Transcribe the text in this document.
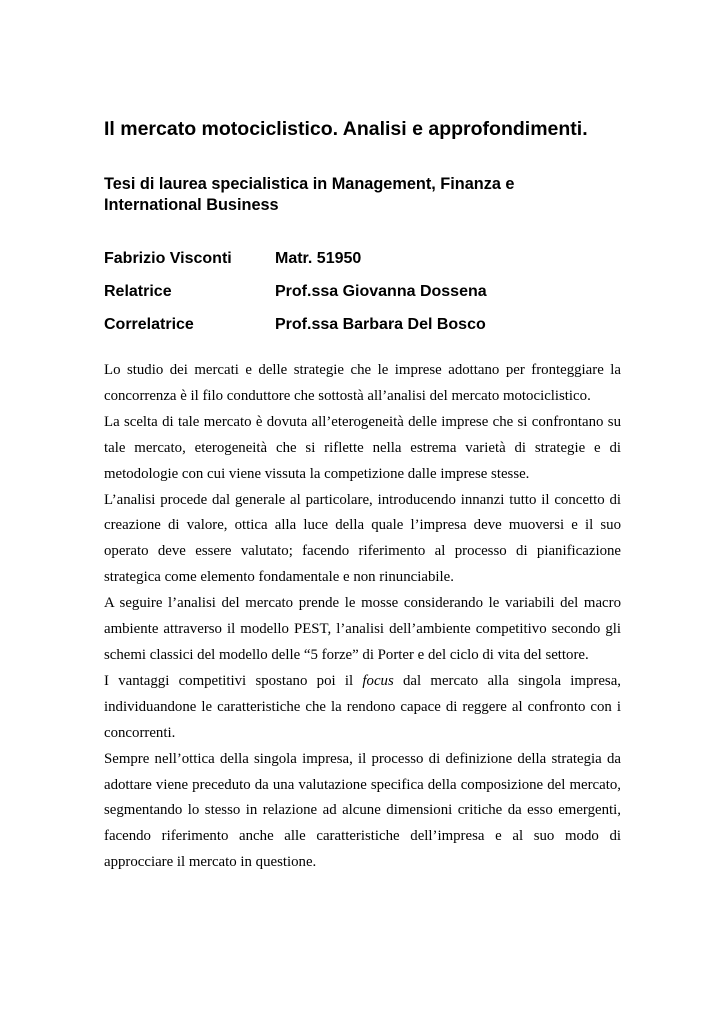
Il mercato motociclistico. Analisi e approfondimenti.
Tesi di laurea specialistica in Management, Finanza e International Business
Fabrizio Visconti	Matr. 51950
Relatrice	Prof.ssa Giovanna Dossena
Correlatrice	Prof.ssa Barbara Del Bosco

Lo studio dei mercati e delle strategie che le imprese adottano per fronteggiare la concorrenza è il filo conduttore che sottostà all’analisi del mercato motociclistico.

La scelta di tale mercato è dovuta all’eterogeneità delle imprese che si confrontano su tale mercato, eterogeneità che si riflette nella estrema varietà di strategie e di metodologie con cui viene vissuta la competizione dalle imprese stesse.

L’analisi procede dal generale al particolare, introducendo innanzi tutto il concetto di creazione di valore, ottica alla luce della quale l’impresa deve muoversi e il suo operato deve essere valutato; facendo riferimento al processo di pianificazione strategica come elemento fondamentale e non rinunciabile.

A seguire l’analisi del mercato prende le mosse considerando le variabili del macro ambiente attraverso il modello PEST, l’analisi dell’ambiente competitivo secondo gli schemi classici del modello delle “5 forze” di Porter e del ciclo di vita del settore.

I vantaggi competitivi spostano poi il focus dal mercato alla singola impresa, individuandone le caratteristiche che la rendono capace di reggere al confronto con i concorrenti.

Sempre nell’ottica della singola impresa, il processo di definizione della strategia da adottare viene preceduto da una valutazione specifica della composizione del mercato, segmentando lo stesso in relazione ad alcune dimensioni critiche da esso emergenti, facendo riferimento anche alle caratteristiche dell’impresa e al suo modo di approcciare il mercato in questione.
